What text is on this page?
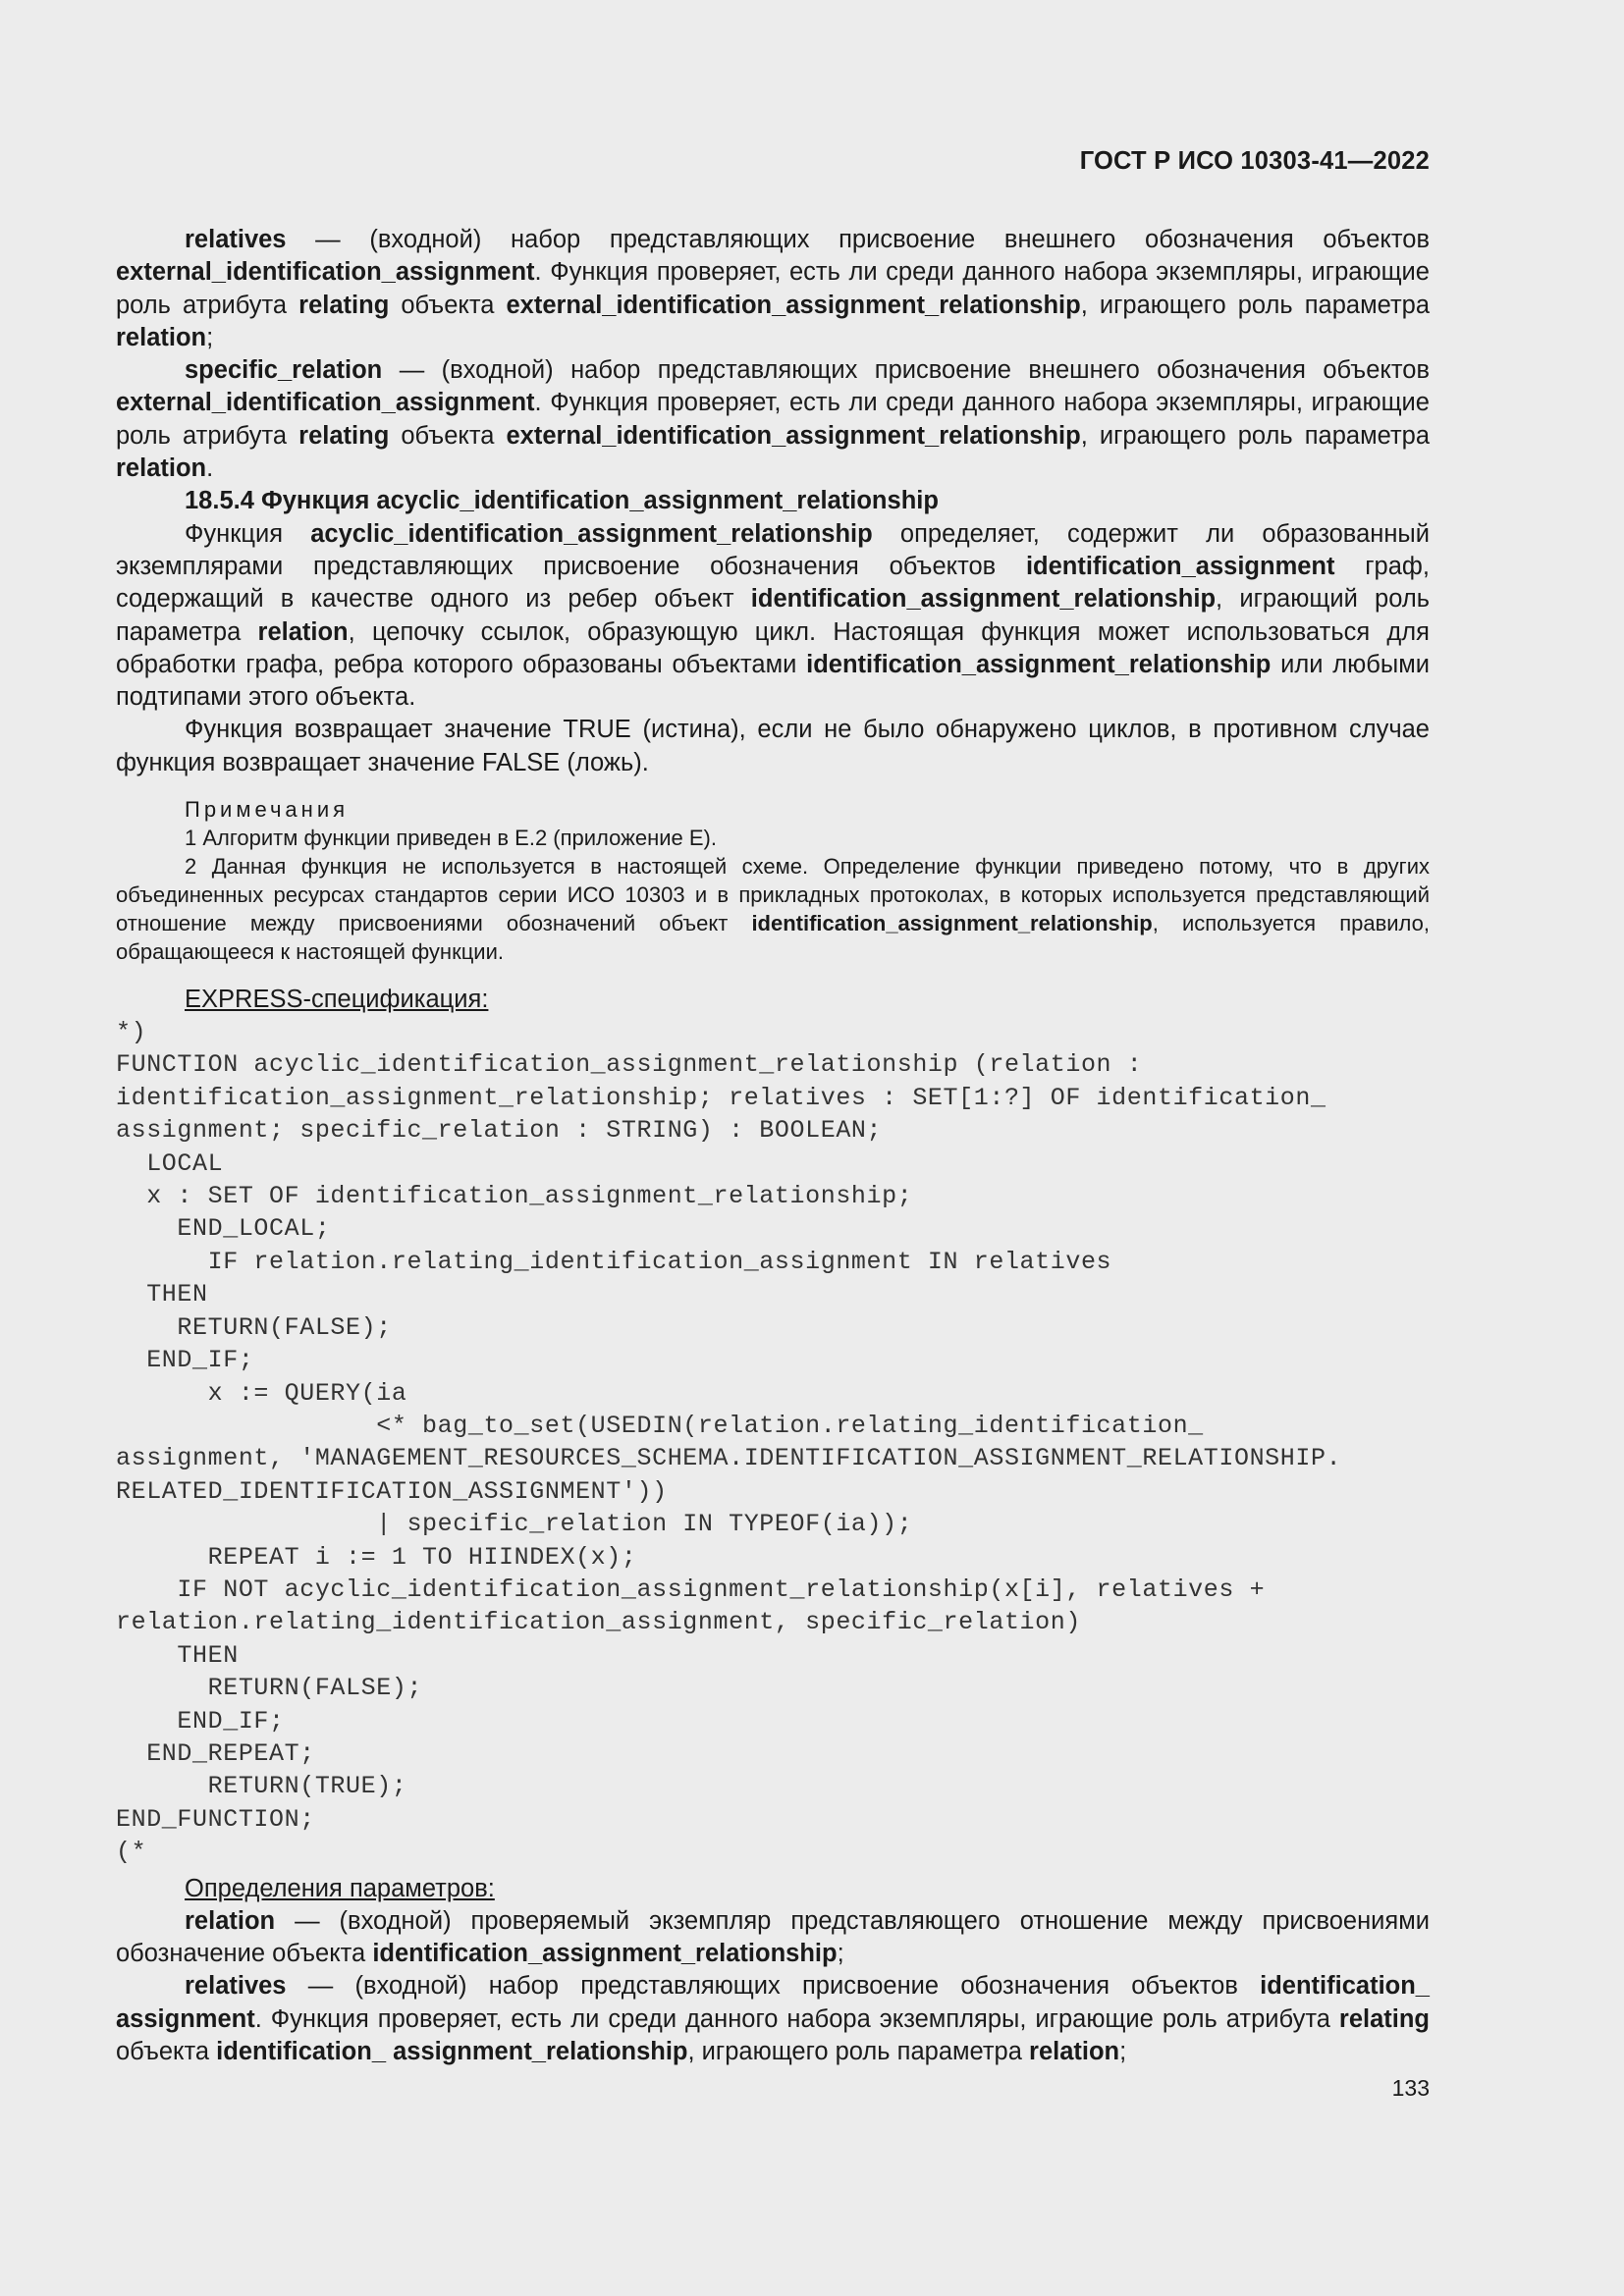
ГОСТ Р ИСО 10303-41—2022

relatives — (входной) набор представляющих присвоение внешнего обозначения объектов external_identification_assignment. Функция проверяет, есть ли среди данного набора экземпляры, играющие роль атрибута relating объекта external_identification_assignment_relationship, играющего роль параметра relation;

specific_relation — (входной) набор представляющих присвоение внешнего обозначения объектов external_identification_assignment. Функция проверяет, есть ли среди данного набора экземпляры, играющие роль атрибута relating объекта external_identification_assignment_relationship, играющего роль параметра relation.

18.5.4 Функция acyclic_identification_assignment_relationship

Функция acyclic_identification_assignment_relationship определяет, содержит ли образованный экземплярами представляющих присвоение обозначения объектов identification_assignment граф, содержащий в качестве одного из ребер объект identification_assignment_relationship, играющий роль параметра relation, цепочку ссылок, образующую цикл. Настоящая функция может использоваться для обработки графа, ребра которого образованы объектами identification_assignment_relationship или любыми подтипами этого объекта.

Функция возвращает значение TRUE (истина), если не было обнаружено циклов, в противном случае функция возвращает значение FALSE (ложь).

Примечания

1 Алгоритм функции приведен в Е.2 (приложение Е).

2 Данная функция не используется в настоящей схеме. Определение функции приведено потому, что в других объединенных ресурсах стандартов серии ИСО 10303 и в прикладных протоколах, в которых используется представляющий отношение между присвоениями обозначений объект identification_assignment_relationship, используется правило, обращающееся к настоящей функции.

EXPRESS-спецификация:
*)
FUNCTION acyclic_identification_assignment_relationship (relation :
identification_assignment_relationship; relatives : SET[1:?] OF identification_
assignment; specific_relation : STRING) : BOOLEAN;
LOCAL
x : SET OF identification_assignment_relationship;
END_LOCAL;
IF relation.relating_identification_assignment IN relatives
THEN
RETURN(FALSE);
END_IF;
x := QUERY(ia
<* bag_to_set(USEDIN(relation.relating_identification_
assignment, 'MANAGEMENT_RESOURCES_SCHEMA.IDENTIFICATION_ASSIGNMENT_RELATIONSHIP.
RELATED_IDENTIFICATION_ASSIGNMENT'))
| specific_relation IN TYPEOF(ia));
REPEAT i := 1 TO HIINDEX(x);
IF NOT acyclic_identification_assignment_relationship(x[i], relatives +
relation.relating_identification_assignment, specific_relation)
THEN
RETURN(FALSE);
END_IF;
END_REPEAT;
RETURN(TRUE);
END_FUNCTION;
(*
Определения параметров:

relation — (входной) проверяемый экземпляр представляющего отношение между присвоениями обозначение объекта identification_assignment_relationship;

relatives — (входной) набор представляющих присвоение обозначения объектов identification_ assignment. Функция проверяет, есть ли среди данного набора экземпляры, играющие роль атрибута relating объекта identification_ assignment_relationship, играющего роль параметра relation;

133
